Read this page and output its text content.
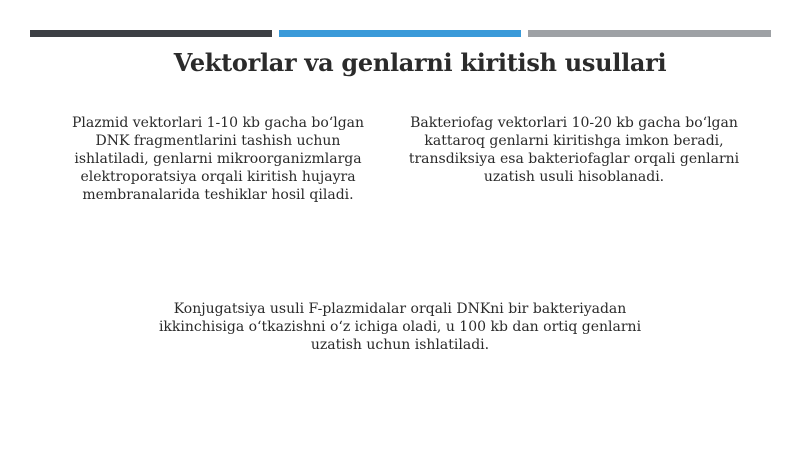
Vektorlar va genlarni kiritish usullari

Plazmid vektorlari 1-10 kb gacha boʻlgan DNK fragmentlarini tashish uchun ishlatiladi, genlarni mikroorganizmlarga elektroporatsiya orqali kiritish hujayra membranalarida teshiklar hosil qiladi.

Bakteriofag vektorlari 10-20 kb gacha boʻlgan kattaroq genlarni kiritishga imkon beradi, transdiksiya esa bakteriofaglar orqali genlarni uzatish usuli hisoblanadi.

Konjugatsiya usuli F-plazmidalar orqali DNKni bir bakteriyadan ikkinchisiga oʻtkazishni oʻz ichiga oladi, u 100 kb dan ortiq genlarni uzatish uchun ishlatiladi.
